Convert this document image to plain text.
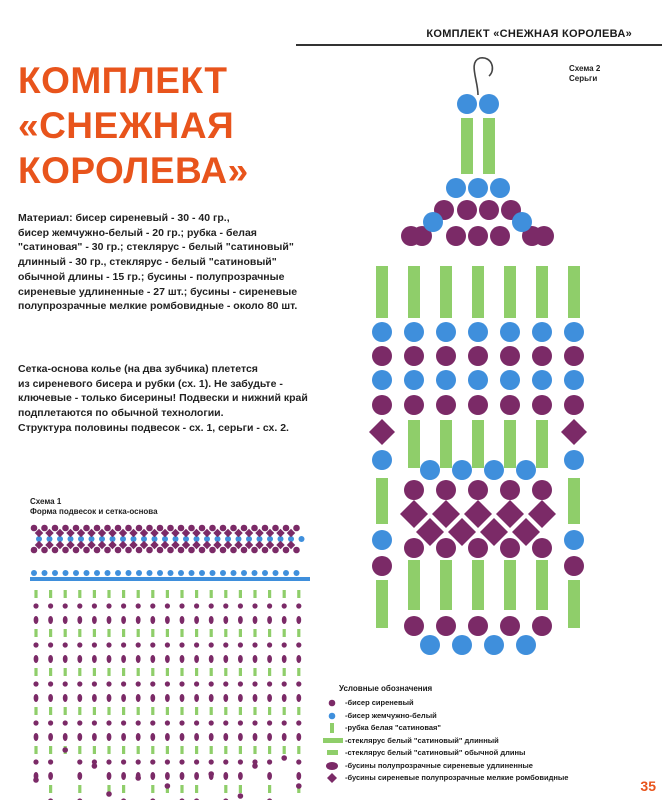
КОМПЛЕКТ «СНЕЖНАЯ КОРОЛЕВА»
КОМПЛЕКТ
«СНЕЖНАЯ
КОРОЛЕВА»
Материал: бисер сиреневый - 30 - 40 гр.,
бисер жемчужно-белый - 20 гр.; рубка - белая
"сатиновая" - 30 гр.; стеклярус - белый "сатиновый"
длинный - 30 гр., стеклярус - белый "сатиновый"
обычной длины - 15 гр.; бусины - полупрозрачные
сиреневые удлиненные - 27 шт.; бусины - сиреневые
полупрозрачные мелкие ромбовидные - около 80 шт.
Сетка-основа колье (на два зубчика) плетется
из сиреневого бисера и рубки (сх. 1). Не забудьте -
ключевые - только бисерины! Подвески и нижний край
подплетаются по обычной технологии.
Структура половины подвесок - сх. 1, серьги - сх. 2.
Схема 2
Серьги
Схема 1
Форма подвесок и сетка-основа
Условные обозначения
-бисер сиреневый
-бисер жемчужно-белый
-рубка белая "сатиновая"
-стеклярус белый "сатиновый" длинный
-стеклярус белый "сатиновый" обычной длины
-бусины полупрозрачные сиреневые удлиненные
-бусины сиреневые полупрозрачные мелкие ромбовидные
35
